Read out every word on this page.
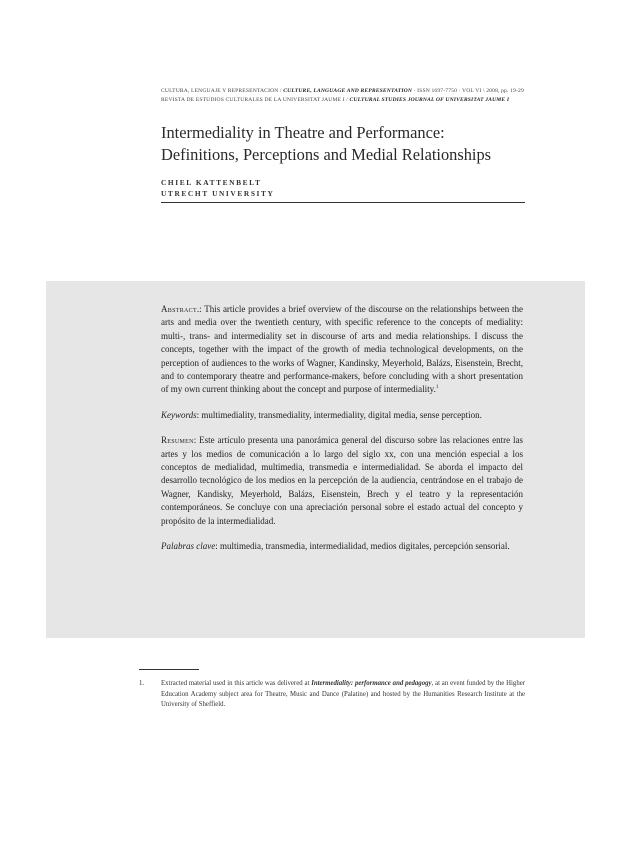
CULTURA, LENGUAJE Y REPRESENTACIÓN / CULTURE, LANGUAGE AND REPRESENTATION · ISSN 1697-7750 · VOL VI \ 2008, pp. 19-29
REVISTA DE ESTUDIOS CULTURALES DE LA UNIVERSITAT JAUME I / CULTURAL STUDIES JOURNAL OF UNIVERSITAT JAUME I
Intermediality in Theatre and Performance:
Definitions, Perceptions and Medial Relationships
CHIEL KATTENBELT
UTRECHT UNIVERSITY

Abstract.: This article provides a brief overview of the discourse on the relationships between the arts and media over the twentieth century, with specific reference to the concepts of mediality: multi-, trans- and intermediality set in discourse of arts and media relationships. I discuss the concepts, together with the impact of the growth of media technological developments, on the perception of audiences to the works of Wagner, Kandinsky, Meyerhold, Balázs, Eisenstein, Brecht, and to contemporary theatre and performance-makers, before concluding with a short presentation of my own current thinking about the concept and purpose of intermediality.$^1$

Keywords: multimediality, transmediality, intermediality, digital media, sense perception.

Resumen: Este artículo presenta una panorámica general del discurso sobre las relaciones entre las artes y los medios de comunicación a lo largo del siglo xx, con una mención especial a los conceptos de medialidad, multimedia, transmedia e intermedialidad. Se aborda el impacto del desarrollo tecnológico de los medios en la percepción de la audiencia, centrándose en el trabajo de Wagner, Kandisky, Meyerhold, Balázs, Eisenstein, Brech y el teatro y la representación contemporáneos. Se concluye con una apreciación personal sobre el estado actual del concepto y propósito de la intermedialidad.

Palabras clave: multimedia, transmedia, intermedialidad, medios digitales, percepción sensorial.

1. Extracted material used in this article was delivered at Intermediality: performance and pedagogy, at an event funded by the Higher Education Academy subject area for Theatre, Music and Dance (Palatine) and hosted by the Humanities Research Institute at the University of Sheffield.
